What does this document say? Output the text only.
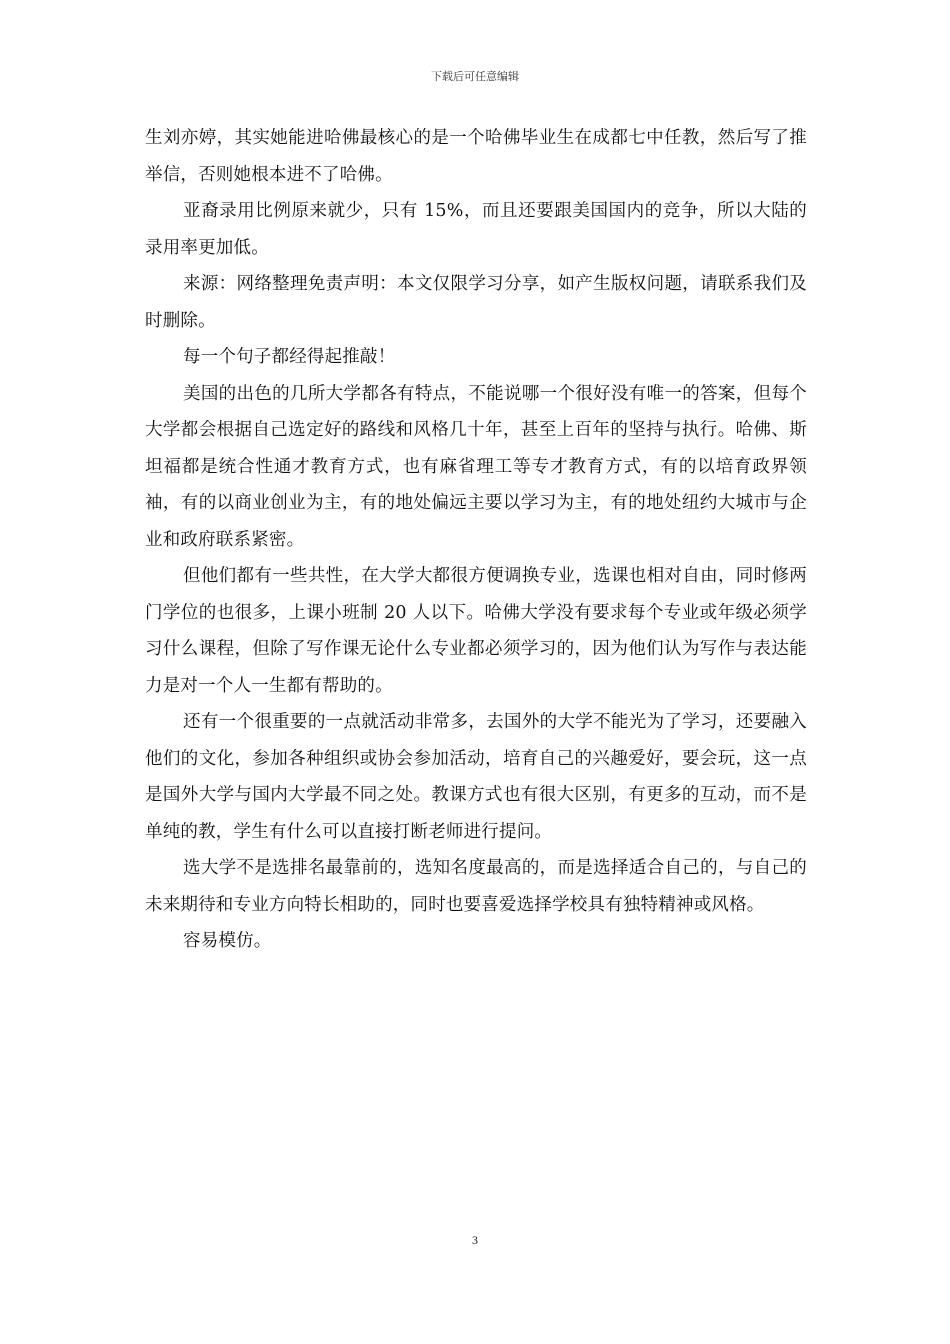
下载后可任意编辑

生刘亦婷，其实她能进哈佛最核心的是一个哈佛毕业生在成都七中任教，然后写了推举信，否则她根本进不了哈佛。

亚裔录用比例原来就少，只有 15%，而且还要跟美国国内的竞争，所以大陆的录用率更加低。

来源：网络整理免责声明：本文仅限学习分享，如产生版权问题，请联系我们及时删除。

每一个句子都经得起推敲！

美国的出色的几所大学都各有特点，不能说哪一个很好没有唯一的答案，但每个大学都会根据自己选定好的路线和风格几十年，甚至上百年的坚持与执行。哈佛、斯坦福都是统合性通才教育方式，也有麻省理工等专才教育方式，有的以培育政界领袖，有的以商业创业为主，有的地处偏远主要以学习为主，有的地处纽约大城市与企业和政府联系紧密。

但他们都有一些共性，在大学大都很方便调换专业，选课也相对自由，同时修两门学位的也很多，上课小班制 20 人以下。哈佛大学没有要求每个专业或年级必须学习什么课程，但除了写作课无论什么专业都必须学习的，因为他们认为写作与表达能力是对一个人一生都有帮助的。

还有一个很重要的一点就活动非常多，去国外的大学不能光为了学习，还要融入他们的文化，参加各种组织或协会参加活动，培育自己的兴趣爱好，要会玩，这一点是国外大学与国内大学最不同之处。教课方式也有很大区别，有更多的互动，而不是单纯的教，学生有什么可以直接打断老师进行提问。

选大学不是选排名最靠前的，选知名度最高的，而是选择适合自己的，与自己的未来期待和专业方向特长相助的，同时也要喜爱选择学校具有独特精神或风格。

容易模仿。

3
